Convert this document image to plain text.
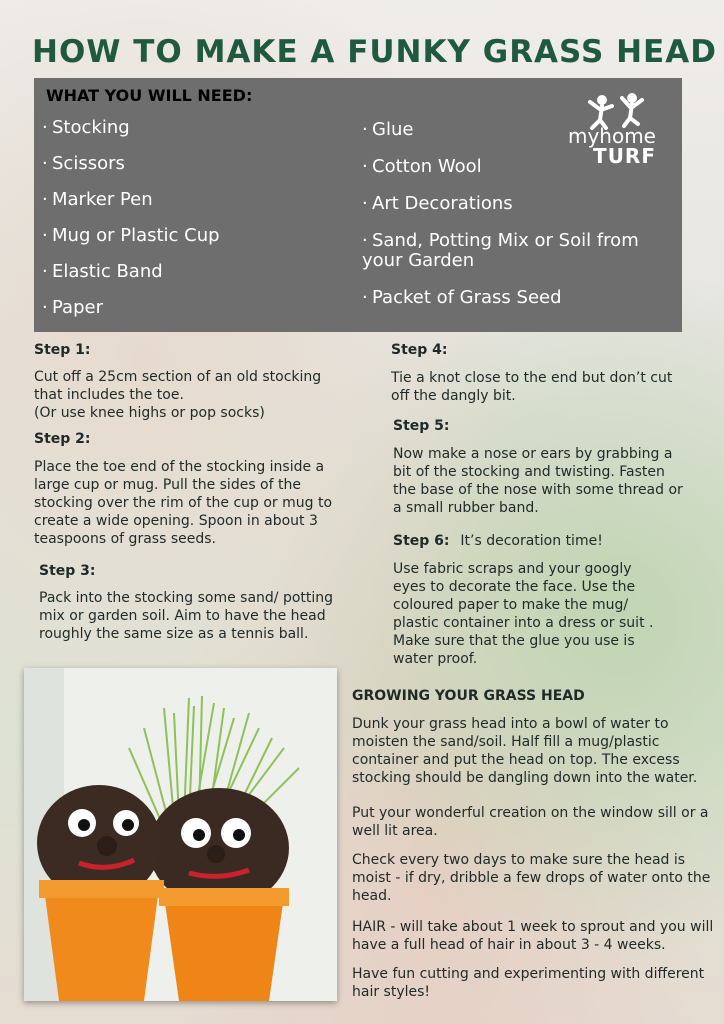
HOW TO MAKE A FUNKY GRASS HEAD
WHAT YOU WILL NEED:
· Stocking
· Scissors
· Marker Pen
· Mug or Plastic Cup
· Elastic Band
· Paper
· Glue
· Cotton Wool
· Art Decorations
· Sand, Potting Mix or Soil from your Garden
· Packet of Grass Seed
myhome
TURF
Step 1:

Cut off a 25cm section of an old stocking that includes the toe.
(Or use knee highs or pop socks)

Step 2:

Place the toe end of the stocking inside a large cup or mug. Pull the sides of the stocking over the rim of the cup or mug to create a wide opening. Spoon in about 3 teaspoons of grass seeds.

Step 3:

Pack into the stocking some sand/ potting mix or garden soil. Aim to have the head roughly the same size as a tennis ball.

Step 4:

Tie a knot close to the end but don’t cut off the dangly bit.

Step 5:

Now make a nose or ears by grabbing a bit of the stocking and twisting. Fasten the base of the nose with some thread or a small rubber band.

Step 6: It’s decoration time!

Use fabric scraps and your googly eyes to decorate the face. Use the coloured paper to make the mug/ plastic container into a dress or suit . Make sure that the glue you use is water proof.

GROWING YOUR GRASS HEAD

Dunk your grass head into a bowl of water to moisten the sand/soil. Half fill a mug/plastic container and put the head on top. The excess stocking should be dangling down into the water.

Put your wonderful creation on the window sill or a well lit area.

Check every two days to make sure the head is moist - if dry, dribble a few drops of water onto the head.

HAIR - will take about 1 week to sprout and you will have a full head of hair in about 3 - 4 weeks.

Have fun cutting and experimenting with different hair styles!
